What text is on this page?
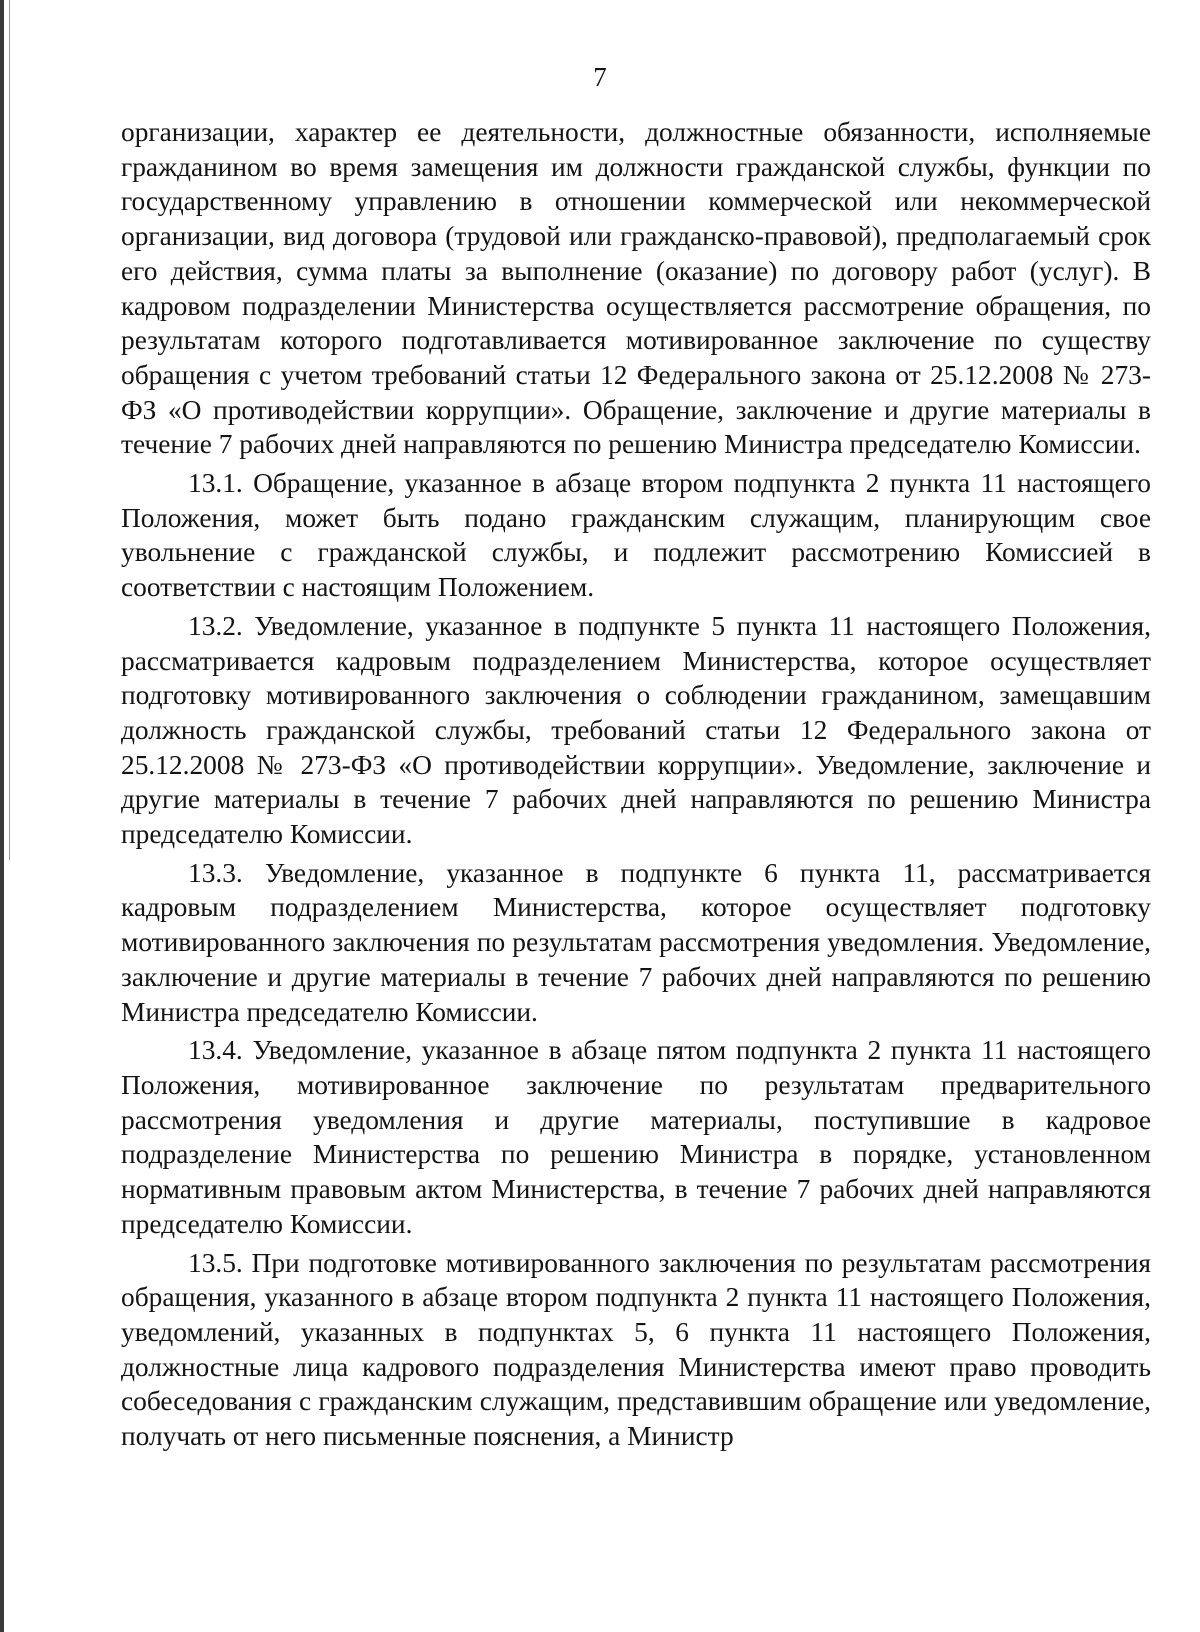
7

организации, характер ее деятельности, должностные обязанности, исполняемые гражданином во время замещения им должности гражданской службы, функции по государственному управлению в отношении коммерческой или некоммерческой организации, вид договора (трудовой или гражданско-правовой), предполагаемый срок его действия, сумма платы за выполнение (оказание) по договору работ (услуг). В кадровом подразделении Министерства осуществляется рассмотрение обращения, по результатам которого подготавливается мотивированное заключение по существу обращения с учетом требований статьи 12 Федерального закона от 25.12.2008 № 273-ФЗ «О противодействии коррупции». Обращение, заключение и другие материалы в течение 7 рабочих дней направляются по решению Министра председателю Комиссии.

13.1. Обращение, указанное в абзаце втором подпункта 2 пункта 11 настоящего Положения, может быть подано гражданским служащим, планирующим свое увольнение с гражданской службы, и подлежит рассмотрению Комиссией в соответствии с настоящим Положением.

13.2. Уведомление, указанное в подпункте 5 пункта 11 настоящего Положения, рассматривается кадровым подразделением Министерства, которое осуществляет подготовку мотивированного заключения о соблюдении гражданином, замещавшим должность гражданской службы, требований статьи 12 Федерального закона от 25.12.2008 № 273-ФЗ «О противодействии коррупции». Уведомление, заключение и другие материалы в течение 7 рабочих дней направляются по решению Министра председателю Комиссии.

13.3. Уведомление, указанное в подпункте 6 пункта 11, рассматривается кадровым подразделением Министерства, которое осуществляет подготовку мотивированного заключения по результатам рассмотрения уведомления. Уведомление, заключение и другие материалы в течение 7 рабочих дней направляются по решению Министра председателю Комиссии.

13.4. Уведомление, указанное в абзаце пятом подпункта 2 пункта 11 настоящего Положения, мотивированное заключение по результатам предварительного рассмотрения уведомления и другие материалы, поступившие в кадровое подразделение Министерства по решению Министра в порядке, установленном нормативным правовым актом Министерства, в течение 7 рабочих дней направляются председателю Комиссии.

13.5. При подготовке мотивированного заключения по результатам рассмотрения обращения, указанного в абзаце втором подпункта 2 пункта 11 настоящего Положения, уведомлений, указанных в подпунктах 5, 6 пункта 11 настоящего Положения, должностные лица кадрового подразделения Министерства имеют право проводить собеседования с гражданским служащим, представившим обращение или уведомление, получать от него письменные пояснения, а Министр
